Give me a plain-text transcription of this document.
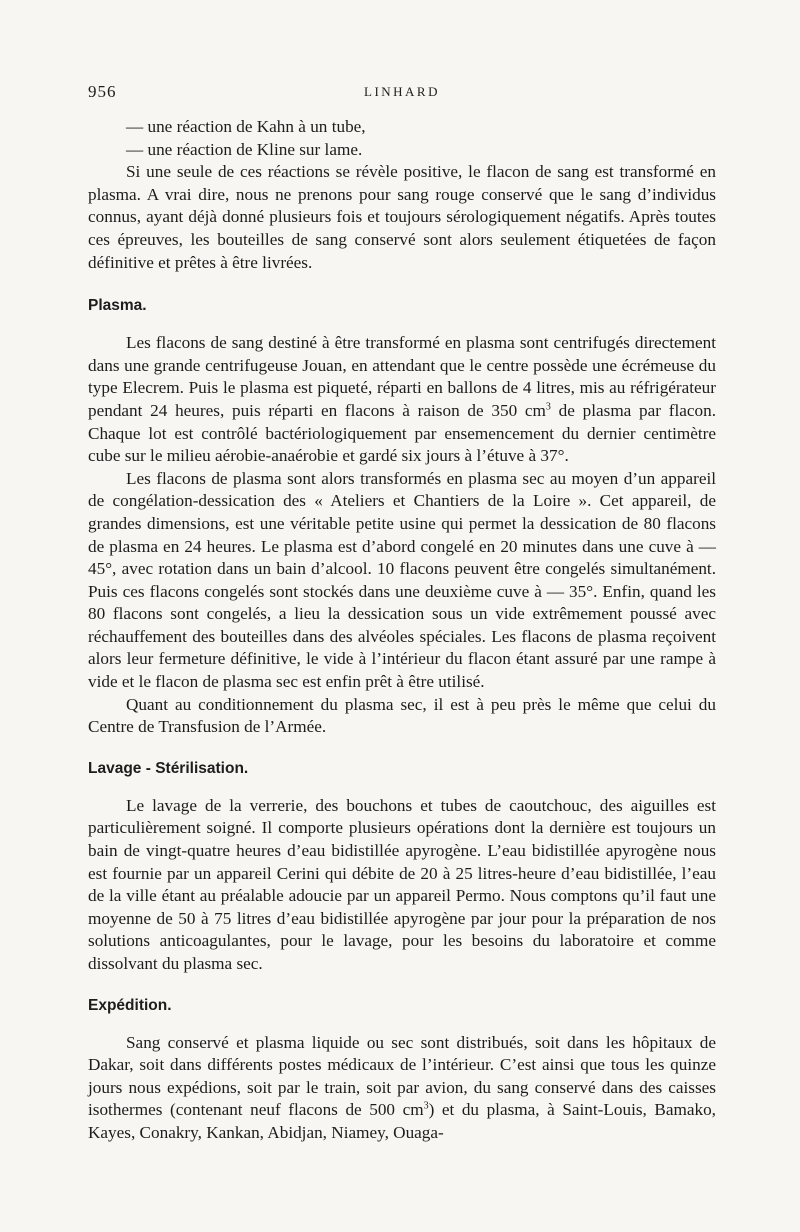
956	LINHARD

— une réaction de Kahn à un tube,

— une réaction de Kline sur lame.

Si une seule de ces réactions se révèle positive, le flacon de sang est transformé en plasma. A vrai dire, nous ne prenons pour sang rouge conservé que le sang d’individus connus, ayant déjà donné plusieurs fois et toujours sérologiquement négatifs. Après toutes ces épreuves, les bouteilles de sang conservé sont alors seulement étiquetées de façon définitive et prêtes à être livrées.

Plasma.

Les flacons de sang destiné à être transformé en plasma sont centrifugés directement dans une grande centrifugeuse Jouan, en attendant que le centre possède une écrémeuse du type Elecrem. Puis le plasma est piqueté, réparti en ballons de 4 litres, mis au réfrigérateur pendant 24 heures, puis réparti en flacons à raison de 350 $cm^3$ de plasma par flacon. Chaque lot est contrôlé bactériologiquement par ensemencement du dernier centimètre cube sur le milieu aérobie-anaérobie et gardé six jours à l’étuve à 37°.

Les flacons de plasma sont alors transformés en plasma sec au moyen d’un appareil de congélation-dessication des « Ateliers et Chantiers de la Loire ». Cet appareil, de grandes dimensions, est une véritable petite usine qui permet la dessication de 80 flacons de plasma en 24 heures. Le plasma est d’abord congelé en 20 minutes dans une cuve à — 45°, avec rotation dans un bain d’alcool. 10 flacons peuvent être congelés simultanément. Puis ces flacons congelés sont stockés dans une deuxième cuve à — 35°. Enfin, quand les 80 flacons sont congelés, a lieu la dessication sous un vide extrêmement poussé avec réchauffement des bouteilles dans des alvéoles spéciales. Les flacons de plasma reçoivent alors leur fermeture définitive, le vide à l’intérieur du flacon étant assuré par une rampe à vide et le flacon de plasma sec est enfin prêt à être utilisé.

Quant au conditionnement du plasma sec, il est à peu près le même que celui du Centre de Transfusion de l’Armée.

Lavage - Stérilisation.

Le lavage de la verrerie, des bouchons et tubes de caoutchouc, des aiguilles est particulièrement soigné. Il comporte plusieurs opérations dont la dernière est toujours un bain de vingt-quatre heures d’eau bidistillée apyrogène. L’eau bidistillée apyrogène nous est fournie par un appareil Cerini qui débite de 20 à 25 litres-heure d’eau bidistillée, l’eau de la ville étant au préalable adoucie par un appareil Permo. Nous comptons qu’il faut une moyenne de 50 à 75 litres d’eau bidistillée apyrogène par jour pour la préparation de nos solutions anticoagulantes, pour le lavage, pour les besoins du laboratoire et comme dissolvant du plasma sec.

Expédition.

Sang conservé et plasma liquide ou sec sont distribués, soit dans les hôpitaux de Dakar, soit dans différents postes médicaux de l’intérieur. C’est ainsi que tous les quinze jours nous expédions, soit par le train, soit par avion, du sang conservé dans des caisses isothermes (contenant neuf flacons de 500 $cm^3$) et du plasma, à Saint-Louis, Bamako, Kayes, Conakry, Kankan, Abidjan, Niamey, Ouaga-
